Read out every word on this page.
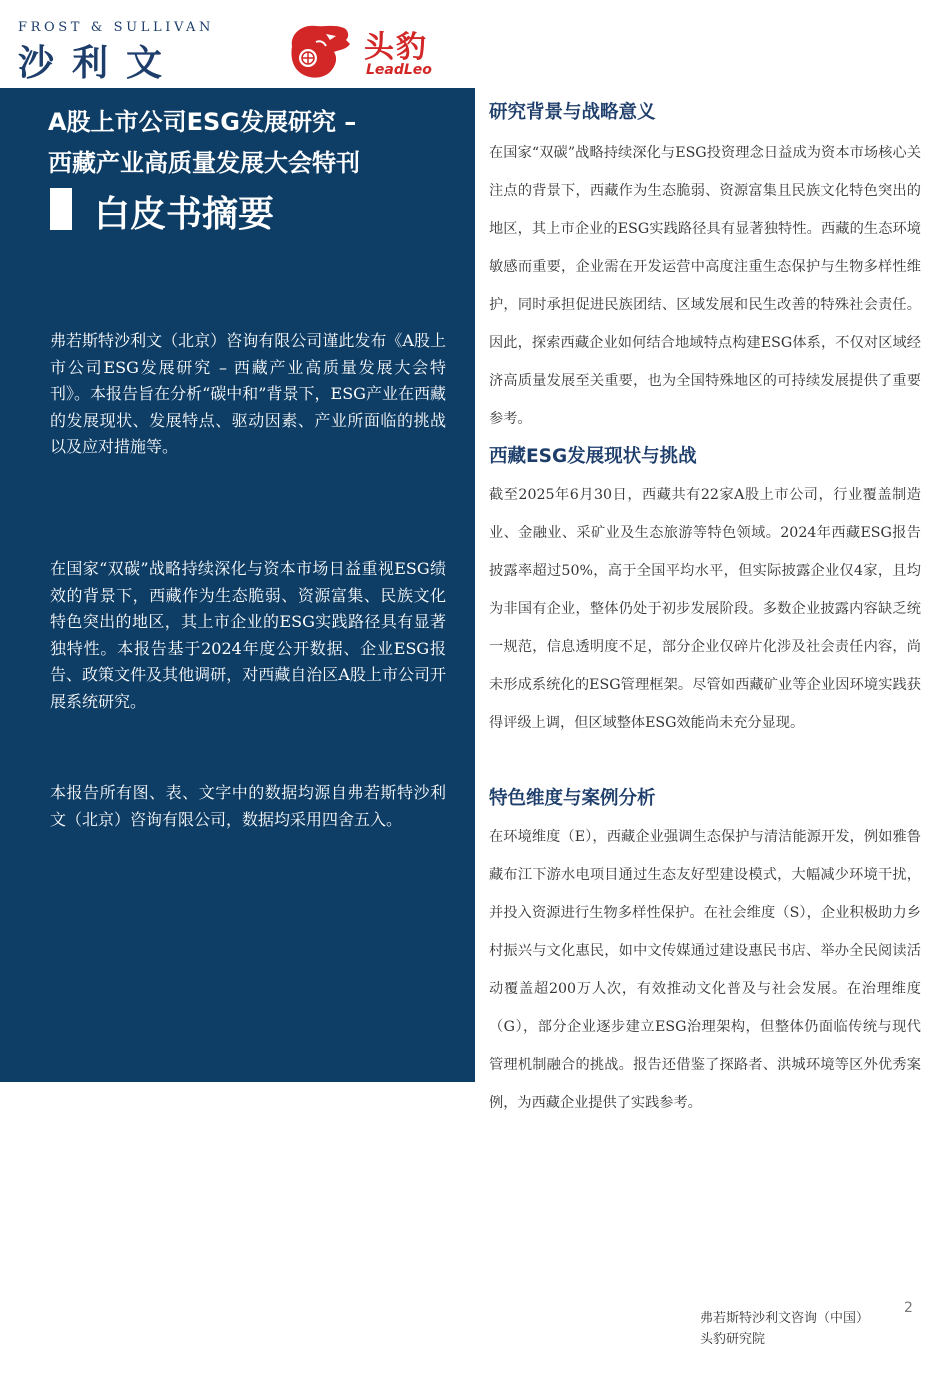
FROST & SULLIVAN
沙利文	头豹
LeadLeo
A股上市公司ESG发展研究 –
西藏产业高质量发展大会特刊
白皮书摘要

弗若斯特沙利文（北京）咨询有限公司谨此发布《A股上市公司ESG发展研究 – 西藏产业高质量发展大会特刊》。本报告旨在分析“碳中和”背景下，ESG产业在西藏的发展现状、发展特点、驱动因素、产业所面临的挑战以及应对措施等。

在国家“双碳”战略持续深化与资本市场日益重视ESG绩效的背景下，西藏作为生态脆弱、资源富集、民族文化特色突出的地区，其上市企业的ESG实践路径具有显著独特性。本报告基于2024年度公开数据、企业ESG报告、政策文件及其他调研，对西藏自治区A股上市公司开展系统研究。

本报告所有图、表、文字中的数据均源自弗若斯特沙利文（北京）咨询有限公司，数据均采用四舍五入。

研究背景与战略意义

在国家“双碳”战略持续深化与ESG投资理念日益成为资本市场核心关注点的背景下，西藏作为生态脆弱、资源富集且民族文化特色突出的地区，其上市企业的ESG实践路径具有显著独特性。西藏的生态环境敏感而重要，企业需在开发运营中高度注重生态保护与生物多样性维护，同时承担促进民族团结、区域发展和民生改善的特殊社会责任。因此，探索西藏企业如何结合地域特点构建ESG体系，不仅对区域经济高质量发展至关重要，也为全国特殊地区的可持续发展提供了重要参考。

西藏ESG发展现状与挑战

截至2025年6月30日，西藏共有22家A股上市公司，行业覆盖制造业、金融业、采矿业及生态旅游等特色领域。2024年西藏ESG报告披露率超过50%，高于全国平均水平，但实际披露企业仅4家，且均为非国有企业，整体仍处于初步发展阶段。多数企业披露内容缺乏统一规范，信息透明度不足，部分企业仅碎片化涉及社会责任内容，尚未形成系统化的ESG管理框架。尽管如西藏矿业等企业因环境实践获得评级上调，但区域整体ESG效能尚未充分显现。

特色维度与案例分析

在环境维度（E），西藏企业强调生态保护与清洁能源开发，例如雅鲁藏布江下游水电项目通过生态友好型建设模式，大幅减少环境干扰，并投入资源进行生物多样性保护。在社会维度（S），企业积极助力乡村振兴与文化惠民，如中文传媒通过建设惠民书店、举办全民阅读活动覆盖超200万人次，有效推动文化普及与社会发展。在治理维度（G），部分企业逐步建立ESG治理架构，但整体仍面临传统与现代管理机制融合的挑战。报告还借鉴了探路者、洪城环境等区外优秀案例，为西藏企业提供了实践参考。

弗若斯特沙利文咨询（中国）
头豹研究院
2
